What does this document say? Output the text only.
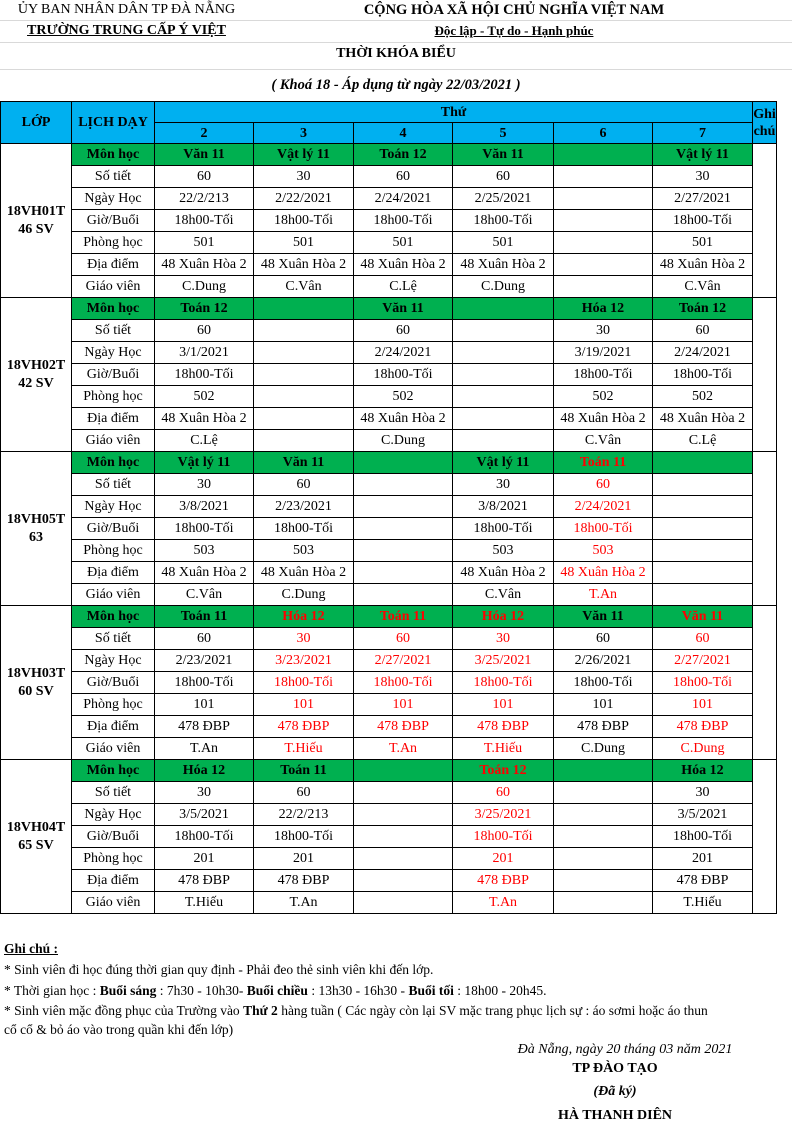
ỦY BAN NHÂN DÂN TP ĐÀ NẴNG
TRƯỜNG TRUNG CẤP Ý VIỆT
CỘNG HÒA XÃ HỘI CHỦ NGHĨA VIỆT NAM
Độc lập - Tự do - Hạnh phúc
THỜI KHÓA BIỂU
( Khoá 18 - Áp dụng từ ngày 22/03/2021 )
LỚP	LỊCH DẠY	Thứ						Ghi chú
		2	3	4	5	6	7	
18VH01T 46 SV	Môn học	Văn 11	Vật lý 11	Toán 12	Văn 11		Vật lý 11	
	Số tiết	60	30	60	60		30	
	Ngày Học	22/2/213	2/22/2021	2/24/2021	2/25/2021		2/27/2021	
	Giờ/Buổi	18h00-Tối	18h00-Tối	18h00-Tối	18h00-Tối		18h00-Tối	
	Phòng học	501	501	501	501		501	
	Địa điểm	48 Xuân Hòa 2	48 Xuân Hòa 2	48 Xuân Hòa 2	48 Xuân Hòa 2		48 Xuân Hòa 2	
	Giáo viên	C.Dung	C.Vân	C.Lệ	C.Dung		C.Vân	
18VH02T 42 SV	Môn học	Toán 12		Văn 11		Hóa 12	Toán 12	
	Số tiết	60		60		30	60	
	Ngày Học	3/1/2021		2/24/2021		3/19/2021	2/24/2021	
	Giờ/Buổi	18h00-Tối		18h00-Tối		18h00-Tối	18h00-Tối	
	Phòng học	502		502		502	502	
	Địa điểm	48 Xuân Hòa 2		48 Xuân Hòa 2		48 Xuân Hòa 2	48 Xuân Hòa 2	
	Giáo viên	C.Lệ		C.Dung		C.Vân	C.Lệ	
18VH05T 63	Môn học	Vật lý 11	Văn 11		Vật lý 11	Toán 11		
	Số tiết	30	60		30	60		
	Ngày Học	3/8/2021	2/23/2021		3/8/2021	2/24/2021		
	Giờ/Buổi	18h00-Tối	18h00-Tối		18h00-Tối	18h00-Tối		
	Phòng học	503	503		503	503		
	Địa điểm	48 Xuân Hòa 2	48 Xuân Hòa 2		48 Xuân Hòa 2	48 Xuân Hòa 2		
	Giáo viên	C.Vân	C.Dung		C.Vân	T.An		
18VH03T 60 SV	Môn học	Toán 11	Hóa 12	Toán 11	Hóa 12	Văn 11	Văn 11	
	Số tiết	60	30	60	30	60	60	
	Ngày Học	2/23/2021	3/23/2021	2/27/2021	3/25/2021	2/26/2021	2/27/2021	
	Giờ/Buổi	18h00-Tối	18h00-Tối	18h00-Tối	18h00-Tối	18h00-Tối	18h00-Tối	
	Phòng học	101	101	101	101	101	101	
	Địa điểm	478 ĐBP	478 ĐBP	478 ĐBP	478 ĐBP	478 ĐBP	478 ĐBP	
	Giáo viên	T.An	T.Hiếu	T.An	T.Hiếu	C.Dung	C.Dung	
18VH04T 65 SV	Môn học	Hóa 12	Toán 11		Toán 12		Hóa 12	
	Số tiết	30	60		60		30	
	Ngày Học	3/5/2021	22/2/213		3/25/2021		3/5/2021	
	Giờ/Buổi	18h00-Tối	18h00-Tối		18h00-Tối		18h00-Tối	
	Phòng học	201	201		201		201	
	Địa điểm	478 ĐBP	478 ĐBP		478 ĐBP		478 ĐBP	
	Giáo viên	T.Hiếu	T.An		T.An		T.Hiếu	
Ghi chú :
* Sinh viên đi học đúng thời gian quy định - Phải đeo thẻ sinh viên khi đến lớp.
* Thời gian học : Buổi sáng : 7h30 - 10h30- Buổi chiều : 13h30 - 16h30 - Buổi tối : 18h00 - 20h45.
* Sinh viên mặc đồng phục của Trường vào Thứ 2 hàng tuần ( Các ngày còn lại SV mặc trang phục lịch sự : áo sơmi hoặc áo thun
cổ cổ & bỏ áo vào trong quần khi đến lớp)
Đà Nẵng, ngày 20 tháng 03 năm 2021
TP ĐÀO TẠO
(Đã ký)
HÀ THANH DIÊN
